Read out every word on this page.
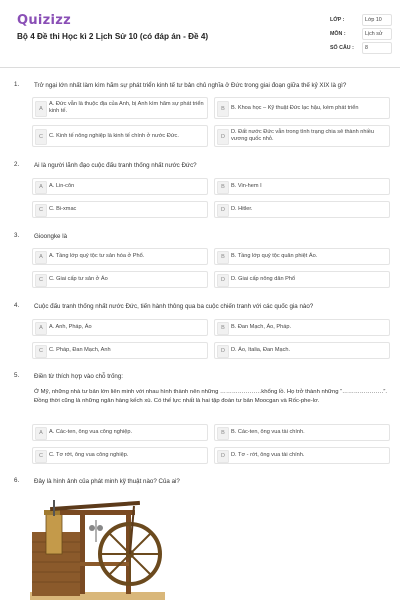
Quizizz
Bộ 4 Đề thi Học kì 2 Lịch Sử 10 (có đáp án - Đề 4)
LỚP :	Lớp 10
MÔN :	Lịch sử
SỐ CÂU :	8
1. Trở ngại lớn nhất làm kìm hãm sự phát triển kinh tế tư bản chủ nghĩa ở Đức trong giai đoạn giữa thế kỷ XIX là gì?
A
A. Đức vẫn là thuộc địa của Anh, bị Anh kìm hãm sự phát triển kinh tế.	B	B. Khoa học – Kỹ thuật Đức lạc hậu, kém phát triển
C	C. Kinh tế nông nghiệp là kinh tế chính ở nước Đức.	D
D. Đất nước Đức vẫn trong tình trạng chia sẻ thành nhiều vương quốc nhỏ.
2. Ai là người lãnh đạo cuộc đấu tranh thống nhất nước Đức?
A	A. Lin-côn	B	B. Vin-hem I
C	C. Bi-xmac	D	D. Hitler.
3. Gioongke là
A	A. Tầng lớp quý tộc tư sản hóa ở Phổ.	B	B. Tầng lớp quý tộc quân phiệt Áo.
C	C. Giai cấp tư sản ở Áo	D	D. Giai cấp nông dân Phổ
4. Cuộc đấu tranh thống nhất nước Đức, tiến hành thông qua ba cuộc chiến tranh với các quốc gia nào?
A	A. Anh, Pháp, Áo	B	B. Đan Mạch, Áo, Pháp.
C	C. Pháp, Đan Mạch, Anh	D	D. Áo, Italia, Đan Mạch.
5. Điền từ thích hợp vào chỗ trống:
Ở Mỹ, những nhà tư bản lớn liên minh với nhau hình thành nên những …………………khổng lồ. Họ trở thành những “…………………”. Đồng thời cũng là những ngân hàng kếch xù. Có thế lực nhất là hai tập đoàn tư bản Moocgan và Rốc-phe-lơ.
A	A. Các-ten, ông vua công nghiệp.	B	B. Các-ten, ông vua tài chính.
C	C. Tơ rớt, ông vua công nghiệp.	D	D. Tơ - rớt, ông vua tài chính.
6. Đây là hình ảnh của phát minh kỹ thuật nào? Của ai?
